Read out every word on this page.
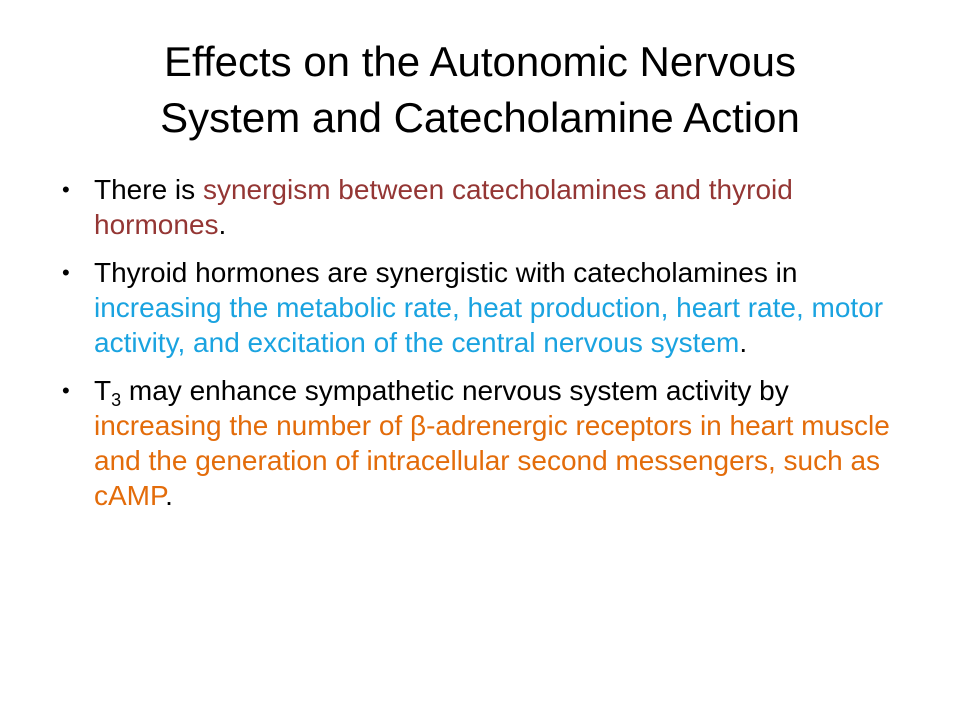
Effects on the Autonomic Nervous
System and Catecholamine Action
• There is synergism between catecholamines and thyroid hormones.
• Thyroid hormones are synergistic with catecholamines in increasing the metabolic rate, heat production, heart rate, motor activity, and excitation of the central nervous system.
• $T_3$ may enhance sympathetic nervous system activity by increasing the number of β-adrenergic receptors in heart muscle and the generation of intracellular second messengers, such as cAMP.
